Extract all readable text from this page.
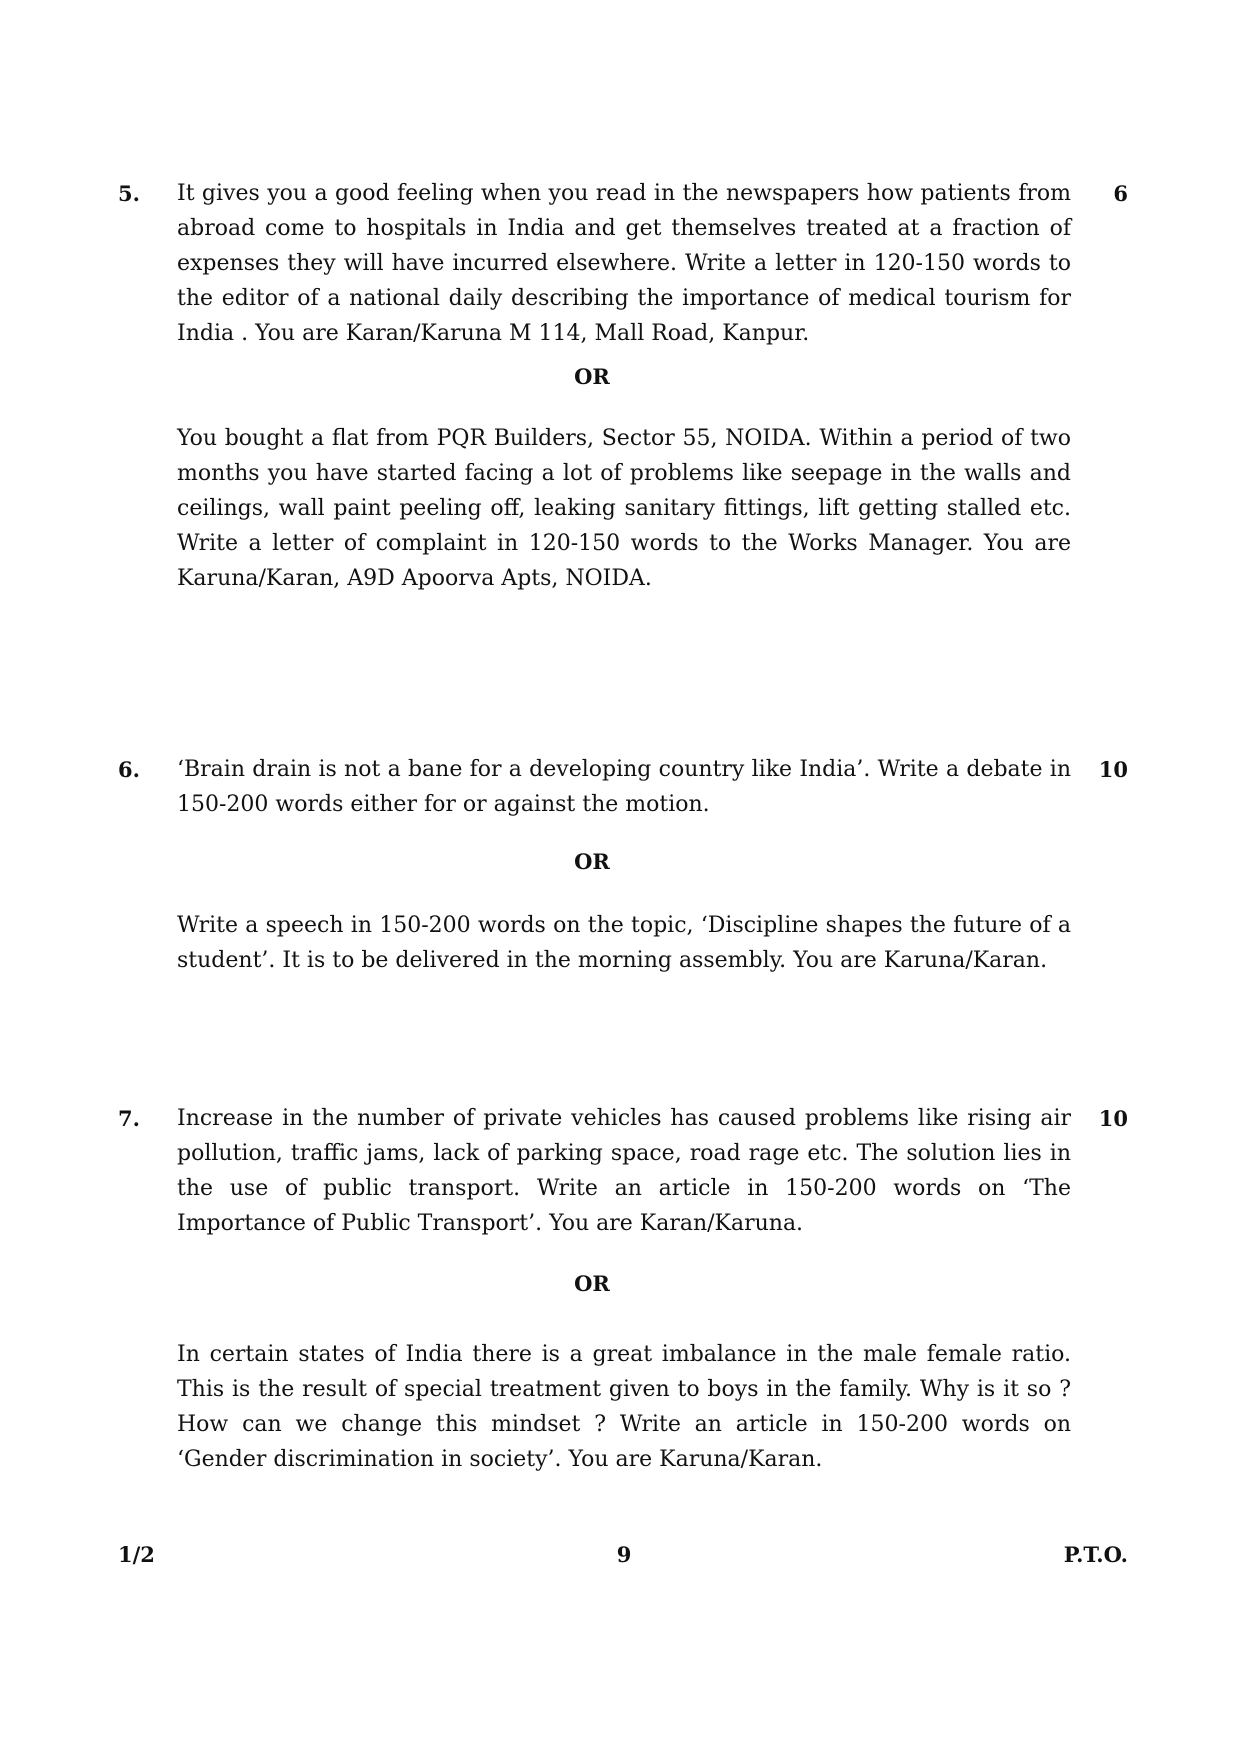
5.	6

It gives you a good feeling when you read in the newspapers how patients from abroad come to hospitals in India and get themselves treated at a fraction of expenses they will have incurred elsewhere. Write a letter in 120-150 words to the editor of a national daily describing the importance of medical tourism for India . You are Karan/Karuna M 114, Mall Road, Kanpur.

OR

You bought a flat from PQR Builders, Sector 55, NOIDA. Within a period of two months you have started facing a lot of problems like seepage in the walls and ceilings, wall paint peeling off, leaking sanitary fittings, lift getting stalled etc. Write a letter of complaint in 120-150 words to the Works Manager. You are Karuna/Karan, A9D Apoorva Apts, NOIDA.

6.	10

‘Brain drain is not a bane for a developing country like India’. Write a debate in 150-200 words either for or against the motion.

OR

Write a speech in 150-200 words on the topic, ‘Discipline shapes the future of a student’. It is to be delivered in the morning assembly. You are Karuna/Karan.

7.	10

Increase in the number of private vehicles has caused problems like rising air pollution, traffic jams, lack of parking space, road rage etc. The solution lies in the use of public transport. Write an article in 150-200 words on ‘The Importance of Public Transport’. You are Karan/Karuna.

OR

In certain states of India there is a great imbalance in the male female ratio. This is the result of special treatment given to boys in the family. Why is it so ? How can we change this mindset ? Write an article in 150-200 words on ‘Gender discrimination in society’. You are Karuna/Karan.

1/2	9	P.T.O.
